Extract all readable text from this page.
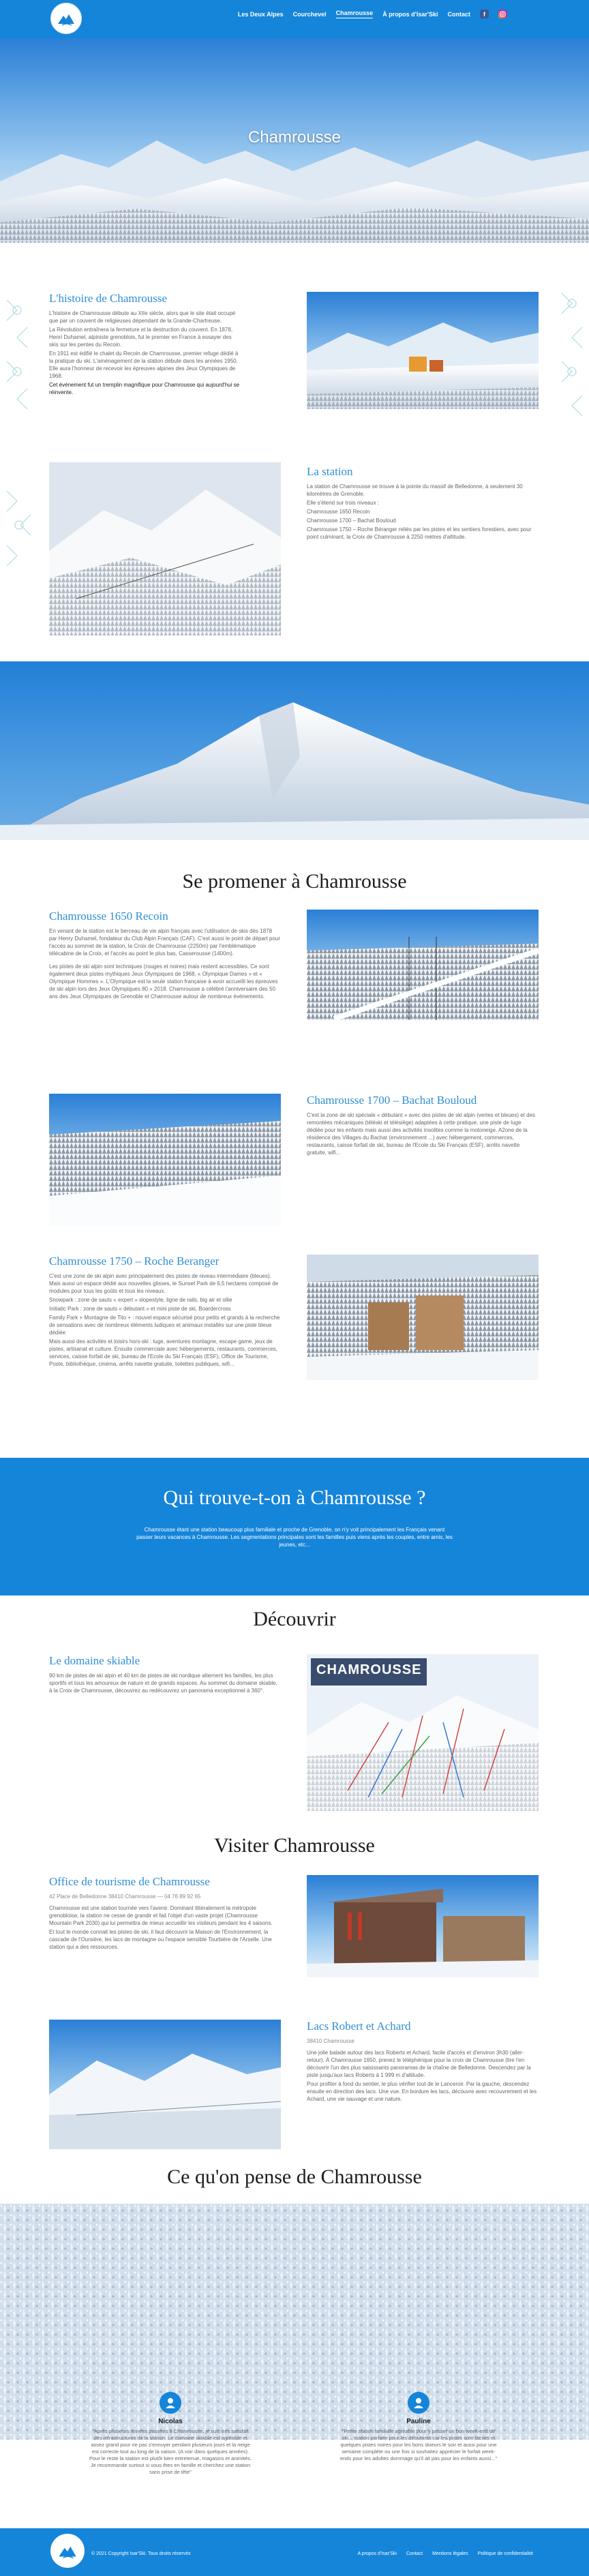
Les Deux Alpes Courchevel Chamrousse À propos d'Isar'Ski Contact	f
Chamrousse
L'histoire de Chamrousse

L'histoire de Chamrousse débute au XIIe siècle, alors que le site était occupé que par un couvent de religieuses dépendant de la Grande-Chartreuse.

La Révolution entraînera la fermeture et la destruction du couvent. En 1878, Henri Duhamel, alpiniste grenoblois, fut le premier en France à essayer des skis sur les pentes du Recoin.

En 1911 est édifié le chalet du Recoin de Chamrousse, premier refuge dédié à la pratique du ski. L'aménagement de la station débute dans les années 1950. Elle aura l'honneur de recevoir les épreuves alpines des Jeux Olympiques de 1968.

Cet événement fut un tremplin magnifique pour Chamrousse qui aujourd'hui se réinvente.

La station

La station de Chamrousse se trouve à la pointe du massif de Belledonne, à seulement 30 kilomètres de Grenoble.

Elle s'étend sur trois niveaux :

Chamrousse 1650 Recoin

Chamrousse 1700 – Bachat Bouloud

Chamrousse 1750 – Roche Béranger reliés par les pistes et les sentiers forestiers, avec pour point culminant, la Croix de Chamrousse à 2250 mètres d'altitude.

Se promener à Chamrousse
Chamrousse 1650 Recoin

En venant de la station est le berceau de vie alpin français avec l'utilisation de skis dès 1878 par Henry Duhamel, fondateur du Club Alpin Français (CAF). C'est aussi le point de départ pour l'accès au sommet de la station, la Croix de Chamrousse (2250m) par l'emblématique télécabine de la Croix, et l'accès au point le plus bas, Casserousse (1400m).

Les pistes de ski alpin sont techniques (rouges et noires) mais restent accessibles. Ce sont également deux pistes mythiques Jeux Olympiques de 1968, « Olympique Dames » et « Olympique Hommes ». L'Olympique est la seule station française à avoir accueilli les épreuves de ski alpin lors des Jeux Olympiques 80 » 2018. Chamrousse a célébré l'anniversaire des 50 ans des Jeux Olympiques de Grenoble et Chamrousse autour de nombreux événements.

Chamrousse 1700 – Bachat Bouloud
C'est la zone de ski spéciale « débutant » avec des pistes de ski alpin (vertes et bleues) et des remontées mécaniques (téléski et télésiège) adaptées à cette pratique, une piste de luge dédiée pour les enfants mais aussi des activités insolites comme la motoneige. A2one de la résidence des Villages du Bachat (environnement ...) avec hébergement, commerces, restaurants, caisse forfait de ski, bureau de l'Ecole du Ski Français (ESF), arrêts navette gratuite, wifi...
Chamrousse 1750 – Roche Beranger

C'est une zone de ski alpin avec principalement des pistes de niveau intermédiaire (bleues). Mais aussi un espace dédié aux nouvelles glisses, le Sunset Park de 6,5 hectares composé de modules pour tous les goûts et tous les niveaux.

Snowpark : zone de sauts « expert » slopestyle, ligne de rails, big air et ollie

Initiatic Park : zone de sauts « débutant » et mini piste de ski, Boardercross

Family Park + Montagne de Tito + : nouvel espace sécurisé pour petits et grands à la recherche de sensations avec de nombreux éléments ludiques et animaux installés sur une piste bleue dédiée

Mais aussi des activités et loisirs hors-ski : luge, aventures montagne, escape game, jeux de pistes, artisanat et culture. Ensuite commerciale avec hébergements, restaurants, commerces, services, caisse forfait de ski, bureau de l'Ecole du Ski Français (ESF), Office de Tourisme, Poste, bibliothèque, cinéma, arrêts navette gratuite, toilettes publiques, wifi...

Qui trouve-t-on à Chamrousse ?
Chamrousse étant une station beaucoup plus familiale et proche de Grenoble, on n'y voit principalement les Français venant passer leurs vacances à Chamrousse. Les segmentations principales sont les familles puis viens après les couples, entre amis, les jeunes, etc...
Découvrir
Le domaine skiable
90 km de pistes de ski alpin et 40 km de pistes de ski nordique alternent les familles, les plus sportifs et tous les amoureux de nature et de grands espaces. Au sommet du domaine skiable, à la Croix de Chamrousse, découvrez au redécouvrez un panorama exceptionnel à 360°.
CHAMROUSSE
Visiter Chamrousse
Office de tourisme de Chamrousse

42 Place de Belledonne 38410 Chamrousse — 04 76 89 92 65

Chamrousse est une station tournée vers l'avenir. Dominant littéralement la métropole grenobloise, la station ne cesse de grandir et fait l'objet d'un vaste projet (Chamrousse Mountain Park 2030) qui lui permettra de mieux accueillir les visiteurs pendant les 4 saisons.

Et tout le monde connait les pistes de ski, il faut découvrir la Maison de l'Environnement, la cascade de l'Oursière, les lacs de montagne ou l'espace sensible Tourbière de l'Arselle. Une station qui a des ressources.

Lacs Robert et Achard

38410 Chamrousse

Une jolie balade autour des lacs Roberts et Achard, facile d'accès et d'environ 3h30 (aller-retour). À Chamrousse 1650, prenez le téléphérique pour la croix de Chamrousse (lire l'en découvrir l'un des plus saisissants panoramas de la chaîne de Belledonne. Descendez par la piste jusqu'aux lacs Roberts à 1 999 m d'altitude.

Pour profiter à fond du sentier, le plus vérifier tout de le Lanceroir. Par la gauche, descendez ensuite en direction des lacs. Une vue. En bordure les lacs, découvre avec recouvrement et les Achard, une vie sauvage et une nature.

Ce qu'on pense de Chamrousse
Nicolas
"Après plusieurs années passées à Chamrousse, je suis très satisfait des infrastructures de la station. Le domaine skiable est agréable et assez grand pour ne pas s'ennuyer pendant plusieurs jours et la neige est correcte tout au long de la saison. (A voir dans quelques années). Pour le reste la station est plutôt bien entretenue, magasins et animités. Je recommande surtout si vous êtes en famille et cherchez une station sans prise de tête"
Pauline
"Petite station familiale agréable pour y passer un bon week-end de ski... station parfaite pour les débutants car les pistes sont faciles et quelques pistes noires pour les bons skieurs le soir et aussi pour une semaine complète ou une fois si souhaitez apprécier le forfait week-ends pour les adultes dommage qu'il ait pas pour les enfants aussi..."
© 2021 Copyright Isar'Ski. Tous droits réservés	A propos d'Isar'Ski Contact Mentions légales Politique de confidentialité
